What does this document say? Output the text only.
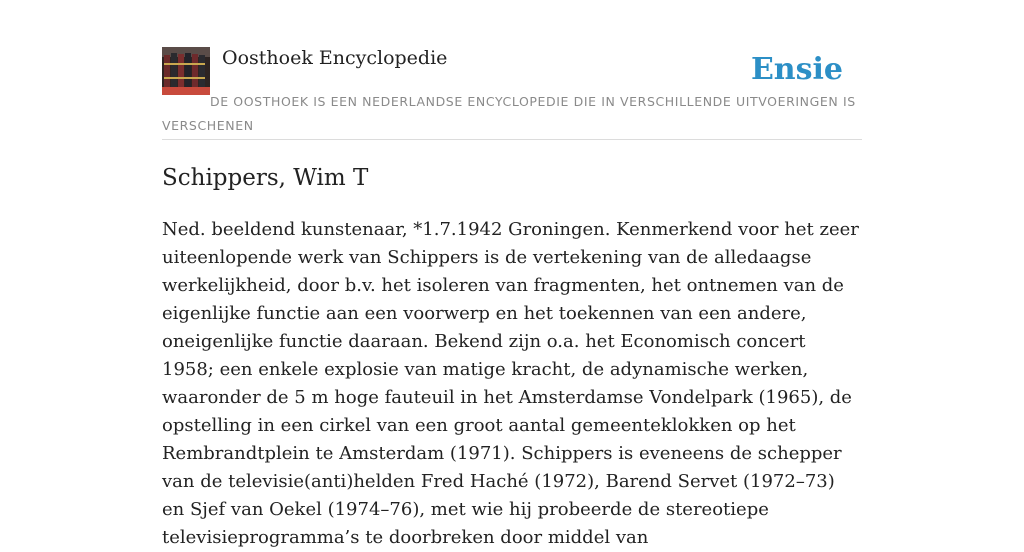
Oosthoek Encyclopedie	Ensie
DE OOSTHOEK IS EEN NEDERLANDSE ENCYCLOPEDIE DIE IN VERSCHILLENDE UITVOERINGEN IS VERSCHENEN
Schippers, Wim T

Ned. beeldend kunstenaar, *1.7.1942 Groningen. Kenmerkend voor het zeer uiteenlopende werk van Schippers is de vertekening van de alledaagse werkelijkheid, door b.v. het isoleren van fragmenten, het ontnemen van de eigenlijke functie aan een voorwerp en het toekennen van een andere, oneigenlijke functie daaraan. Bekend zijn o.a. het Economisch concert 1958; een enkele explosie van matige kracht, de adynamische werken, waaronder de 5 m hoge fauteuil in het Amsterdamse Vondelpark (1965), de opstelling in een cirkel van een groot aantal gemeenteklokken op het Rembrandtplein te Amsterdam (1971). Schippers is eveneens de schepper van de televisie(anti)helden Fred Haché (1972), Barend Servet (1972–73) en Sjef van Oekel (1974–76), met wie hij probeerde de stereotiepe televisieprogramma’s te doorbreken door middel van
